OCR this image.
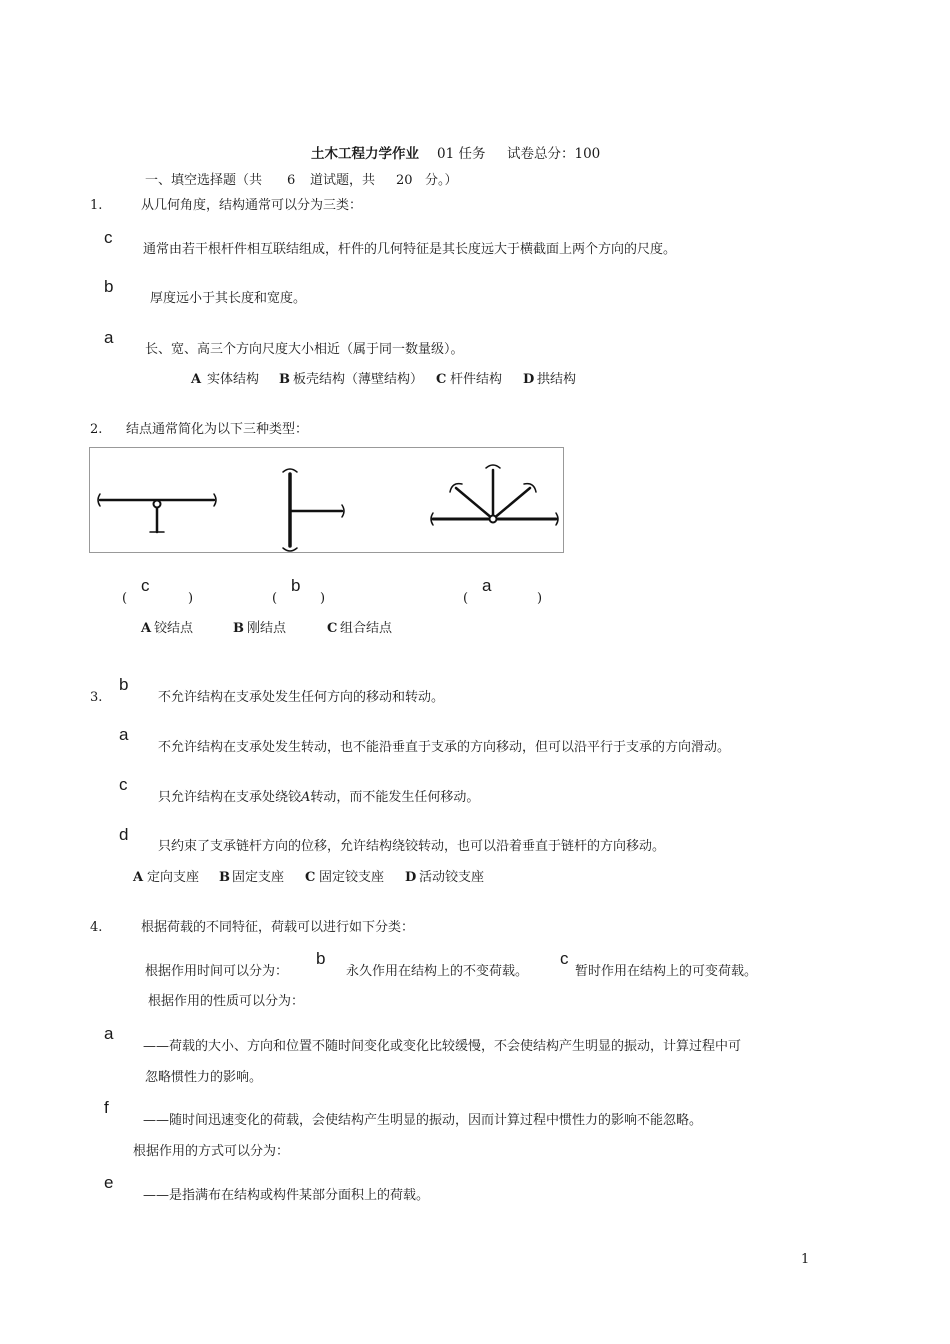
土木工程力学作业 01 任务 试卷总分：100
一、填空选择题（共 6 道试题，共 20 分。）
1.	从几何角度，结构通常可以分为三类：
c
通常由若干根杆件相互联结组成，杆件的几何特征是其长度远大于横截面上两个方向的尺度。
b
厚度远小于其长度和宽度。
a
长、宽、高三个方向尺度大小相近（属于同一数量级）。
A 实体结构 B 板壳结构（薄壁结构） C 杆件结构 D 拱结构
2. 结点通常简化为以下三种类型：
c	b	a
(	)	(	)	(	)
A 铰结点	B 刚结点	C 组合结点
b
3.	不允许结构在支承处发生任何方向的移动和转动。
a
不允许结构在支承处发生转动，也不能沿垂直于支承的方向移动，但可以沿平行于支承的方向滑动。
c
只允许结构在支承处绕铰A转动，而不能发生任何移动。
d
只约束了支承链杆方向的位移，允许结构绕铰转动，也可以沿着垂直于链杆的方向移动。
A 定向支座 B 固定支座 C 固定铰支座 D 活动铰支座
4.	根据荷载的不同特征，荷载可以进行如下分类：
根据作用时间可以分为：
b
永久作用在结构上的不变荷载。
c
暂时作用在结构上的可变荷载。
根据作用的性质可以分为：
a
——荷载的大小、方向和位置不随时间变化或变化比较缓慢，不会使结构产生明显的振动，计算过程中可
忽略惯性力的影响。
f
——随时间迅速变化的荷载，会使结构产生明显的振动，因而计算过程中惯性力的影响不能忽略。
根据作用的方式可以分为：
e
——是指满布在结构或构件某部分面积上的荷载。
1
